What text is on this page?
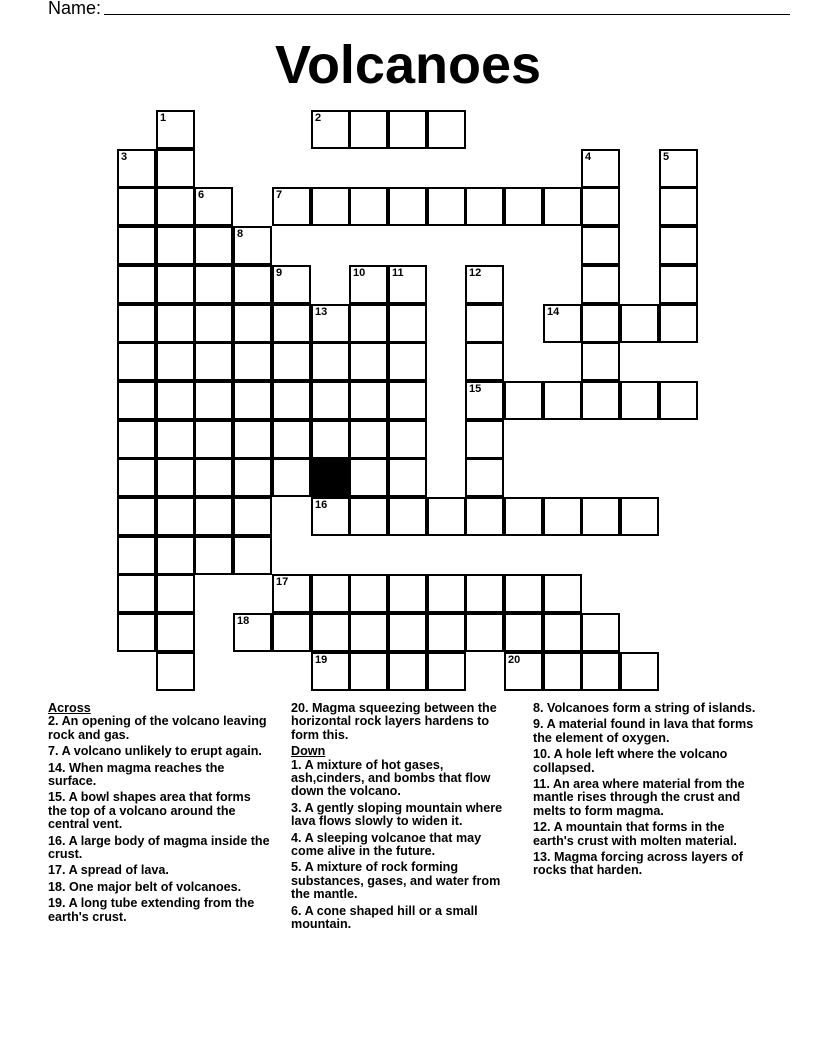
Name:
Volcanoes
1	2
3	4	5
6	7
8
9	10 11	12
13	14
15
16
17
18
19	20
Across
2. An opening of the volcano leaving rock and gas.
7. A volcano unlikely to erupt again.
14. When magma reaches the surface.
15. A bowl shapes area that forms the top of a volcano around the central vent.
16. A large body of magma inside the crust.
17. A spread of lava.
18. One major belt of volcanoes.
19. A long tube extending from the earth's crust.
20. Magma squeezing between the horizontal rock layers hardens to form this.
Down
1. A mixture of hot gases, ash,cinders, and bombs that flow down the volcano.
3. A gently sloping mountain where lava flows slowly to widen it.
4. A sleeping volcanoe that may come alive in the future.
5. A mixture of rock forming substances, gases, and water from the mantle.
6. A cone shaped hill or a small mountain.
8. Volcanoes form a string of islands.
9. A material found in lava that forms the element of oxygen.
10. A hole left where the volcano collapsed.
11. An area where material from the mantle rises through the crust and melts to form magma.
12. A mountain that forms in the earth's crust with molten material.
13. Magma forcing across layers of rocks that harden.
